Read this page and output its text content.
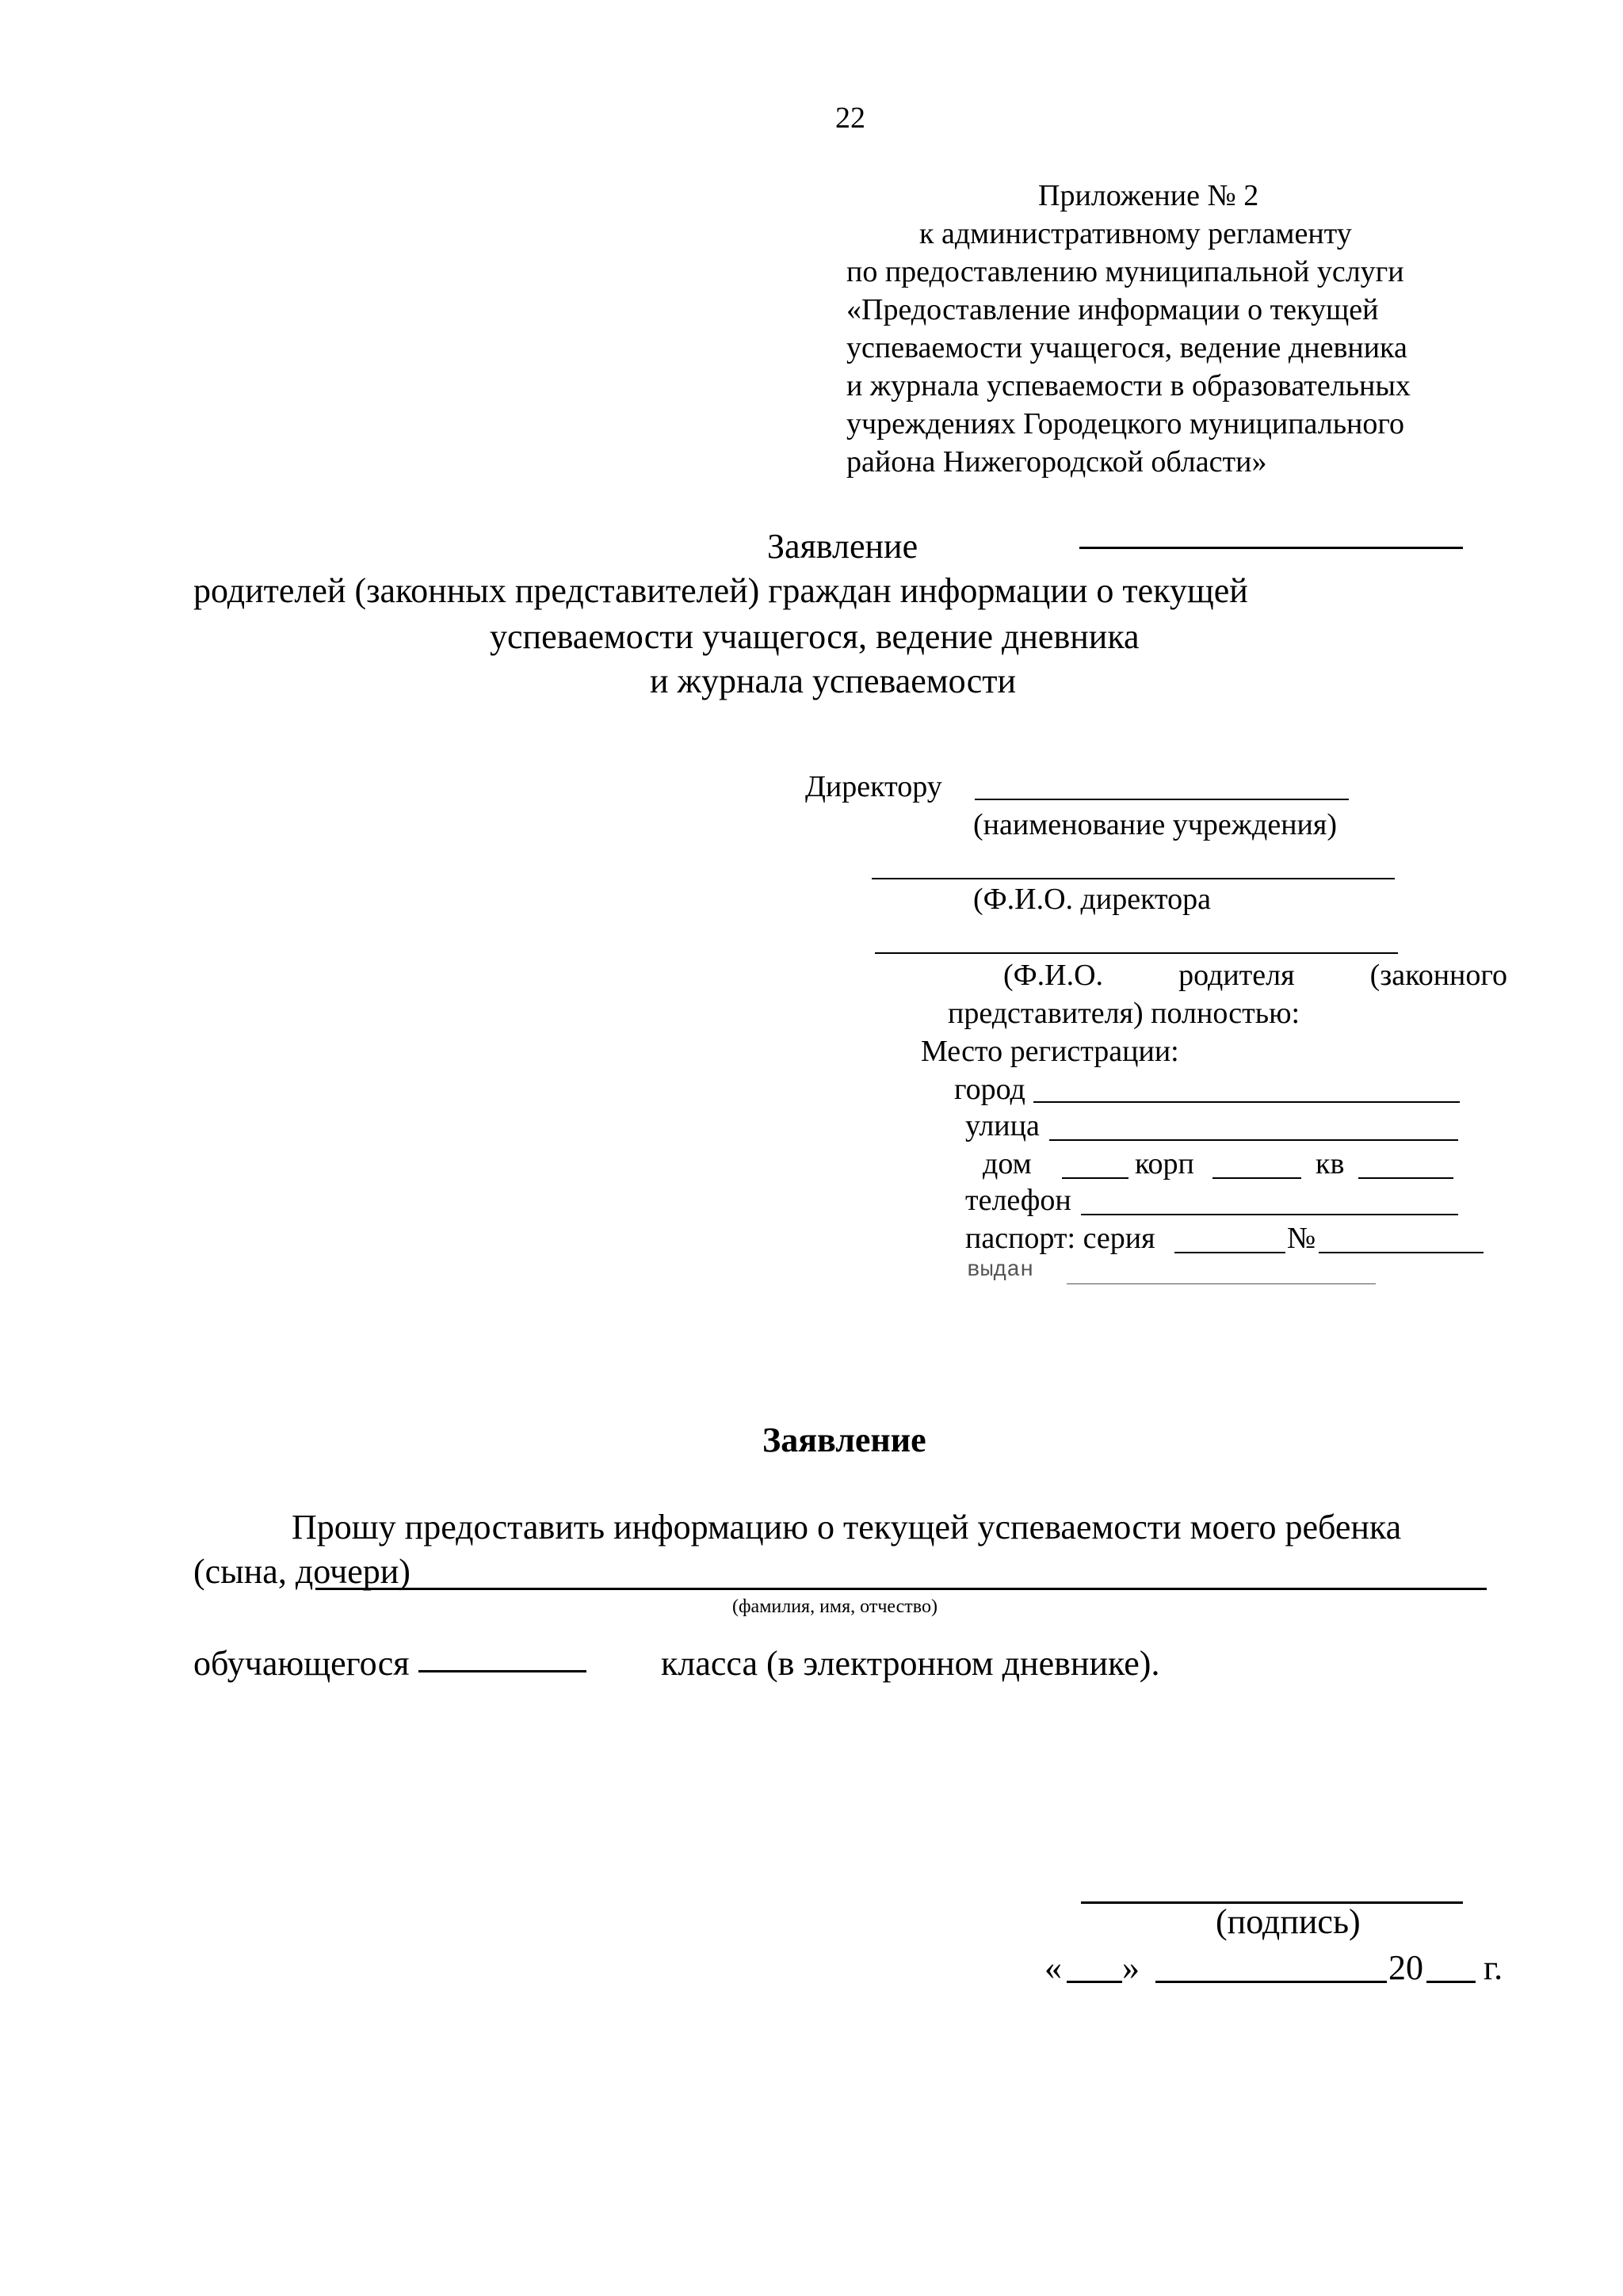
22
Приложение № 2
к административному регламенту
по предоставлению муниципальной услуги
«Предоставление информации о текущей
успеваемости учащегося, ведение дневника
и журнала успеваемости в образовательных
учреждениях Городецкого муниципального
района Нижегородской области»
Заявление
родителей (законных представителей) граждан информации о текущей
успеваемости учащегося, ведение дневника
и журнала успеваемости
Директору
(наименование учреждения)
(Ф.И.О. директора
(Ф.И.О.	родителя	(законного
представителя) полностью:
Место регистрации:
город
улица
дом	корп	кв
телефон
паспорт: серия	№
выдан
Заявление
Прошу предоставить информацию о текущей успеваемости моего ребенка
(сына, дочери)
(фамилия, имя, отчество)
обучающегося	класса (в электронном дневнике).
(подпись)
« »	20 г.
